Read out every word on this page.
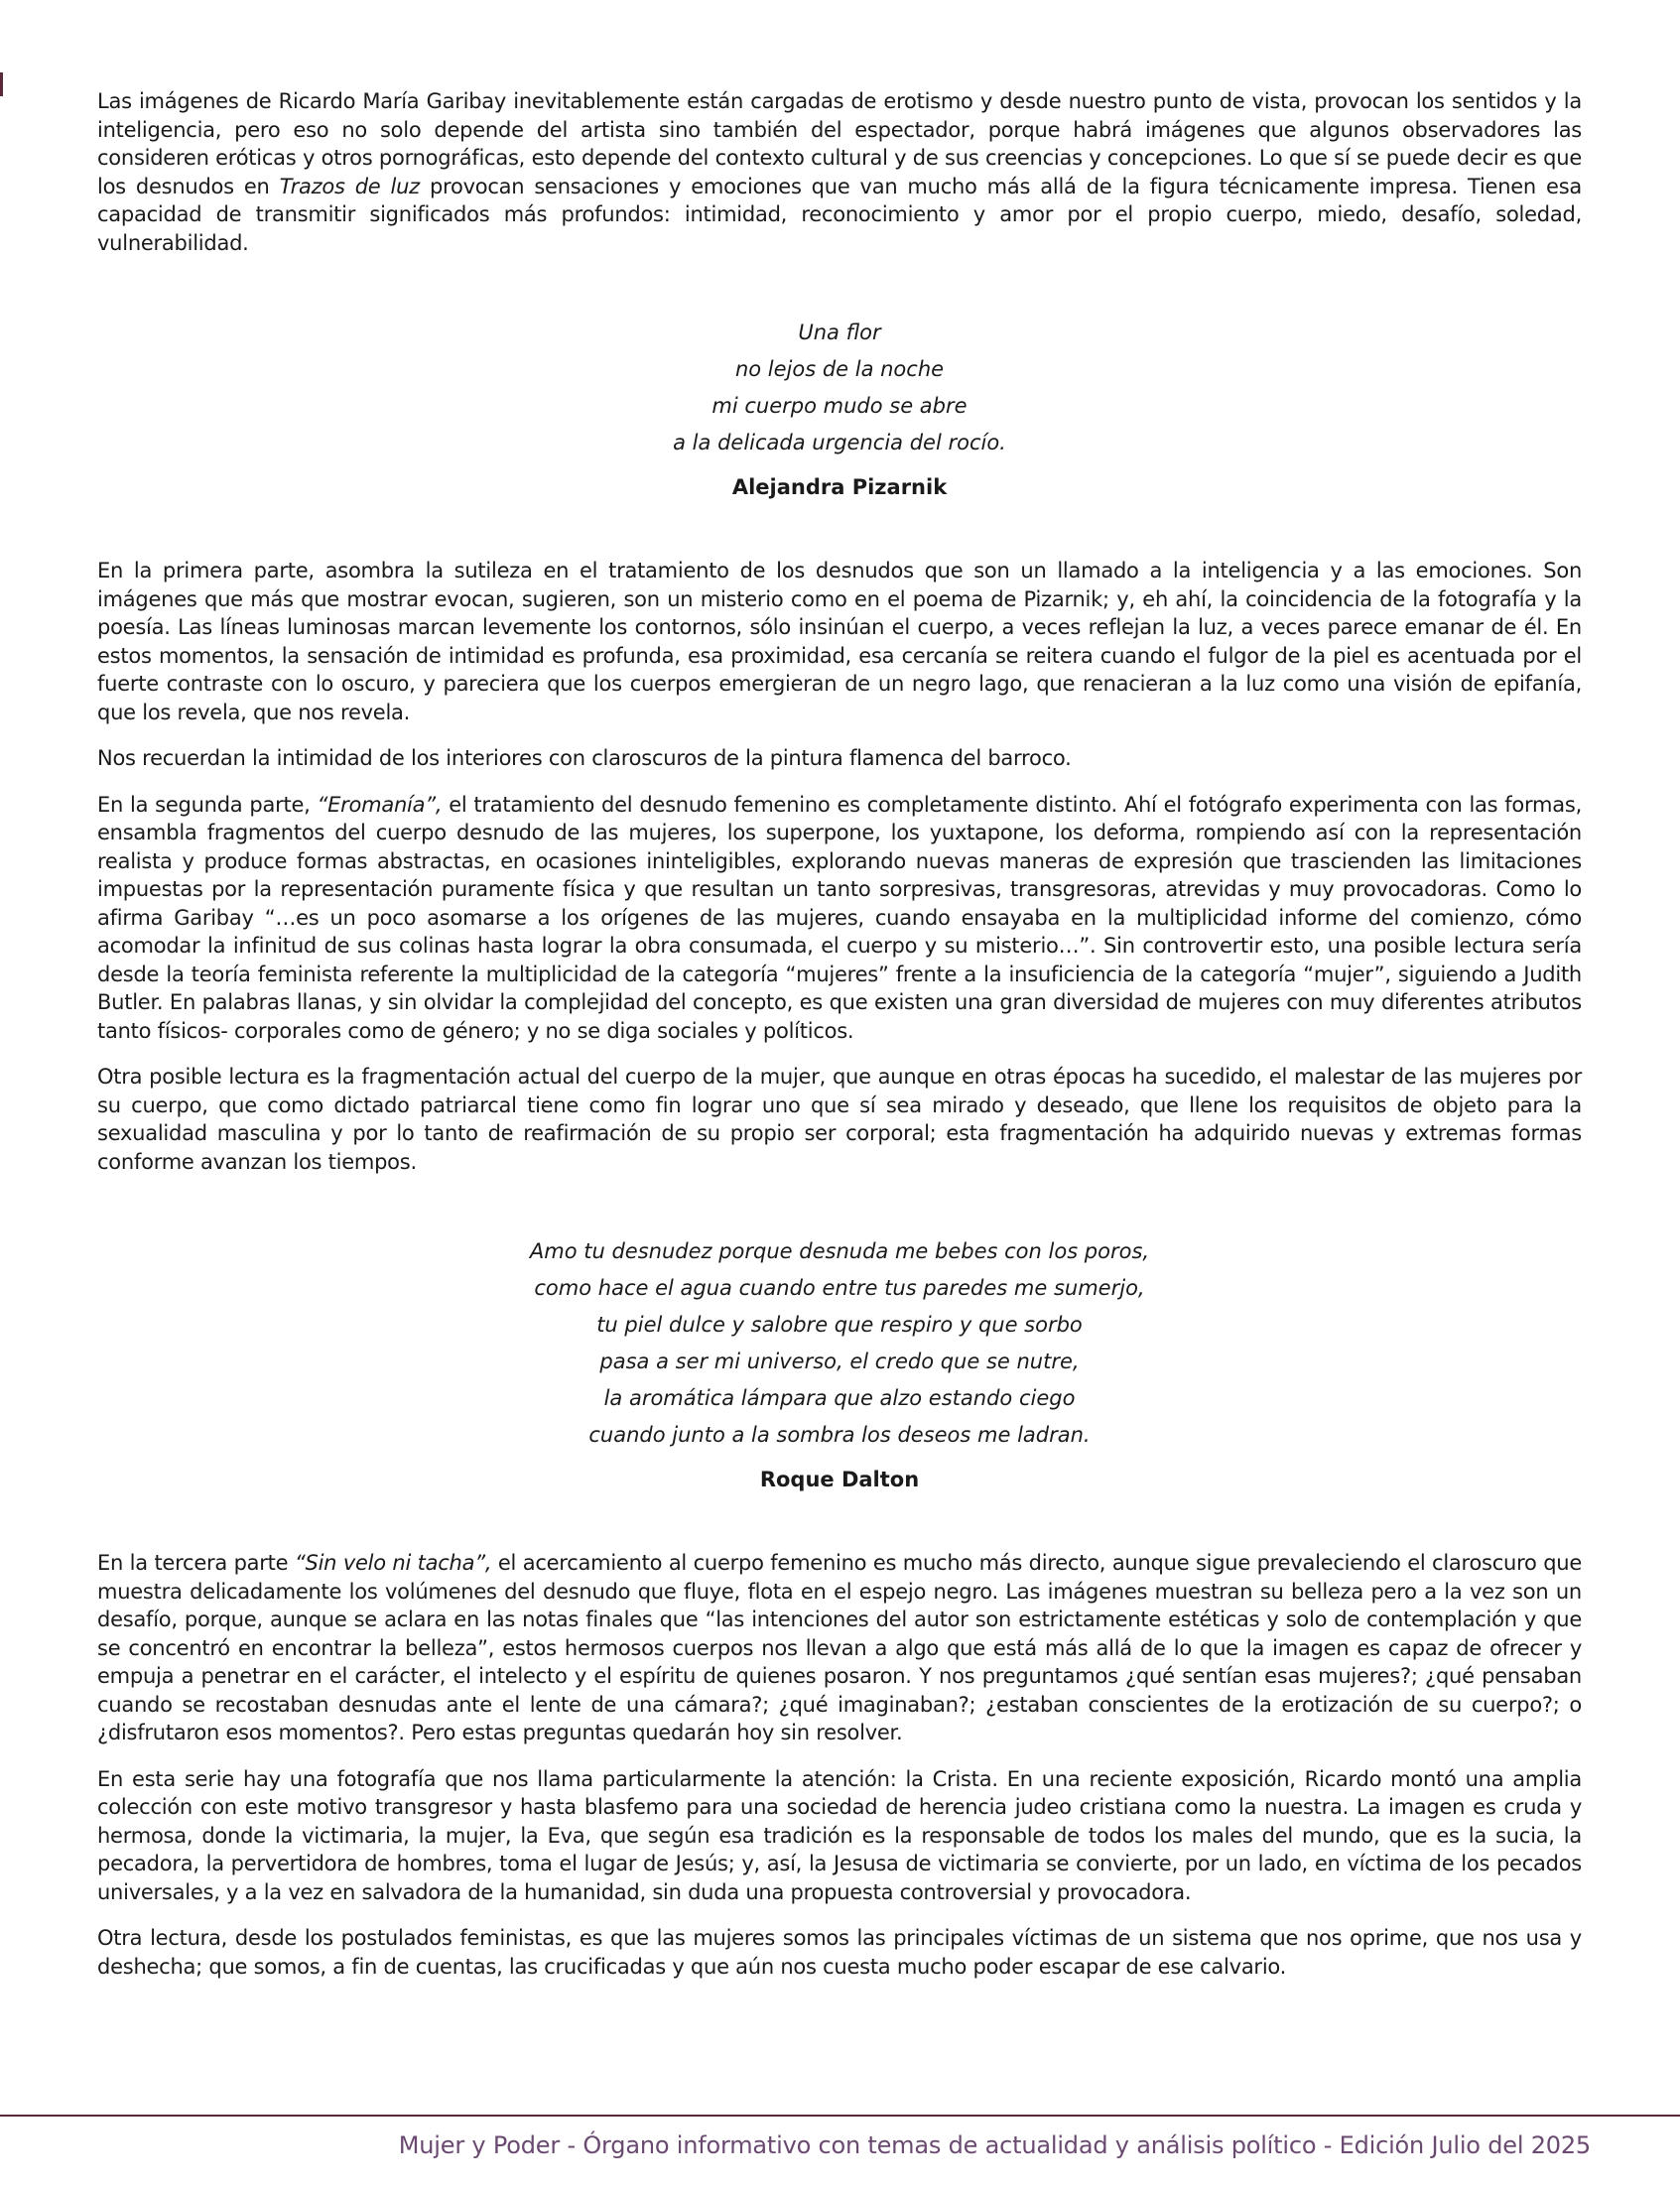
Las imágenes de Ricardo María Garibay inevitablemente están cargadas de erotismo y desde nuestro punto de vista, provocan los sentidos y la inteligencia, pero eso no solo depende del artista sino también del espectador, porque habrá imágenes que algunos observadores las consideren eróticas y otros pornográficas, esto depende del contexto cultural y de sus creencias y concepciones. Lo que sí se puede decir es que los desnudos en Trazos de luz provocan sensaciones y emociones que van mucho más allá de la figura técnicamente impresa. Tienen esa capacidad de transmitir significados más profundos: intimidad, reconocimiento y amor por el propio cuerpo, miedo, desafío, soledad, vulnerabilidad.

Una flor
no lejos de la noche
mi cuerpo mudo se abre
a la delicada urgencia del rocío.

Alejandra Pizarnik

En la primera parte, asombra la sutileza en el tratamiento de los desnudos que son un llamado a la inteligencia y a las emociones. Son imágenes que más que mostrar evocan, sugieren, son un misterio como en el poema de Pizarnik; y, eh ahí, la coincidencia de la fotografía y la poesía. Las líneas luminosas marcan levemente los contornos, sólo insinúan el cuerpo, a veces reflejan la luz, a veces parece emanar de él. En estos momentos, la sensación de intimidad es profunda, esa proximidad, esa cercanía se reitera cuando el fulgor de la piel es acentuada por el fuerte contraste con lo oscuro, y pareciera que los cuerpos emergieran de un negro lago, que renacieran a la luz como una visión de epifanía, que los revela, que nos revela.

Nos recuerdan la intimidad de los interiores con claroscuros de la pintura flamenca del barroco.

En la segunda parte, “Eromanía”, el tratamiento del desnudo femenino es completamente distinto. Ahí el fotógrafo experimenta con las formas, ensambla fragmentos del cuerpo desnudo de las mujeres, los superpone, los yuxtapone, los deforma, rompiendo así con la representación realista y produce formas abstractas, en ocasiones ininteligibles, explorando nuevas maneras de expresión que trascienden las limitaciones impuestas por la representación puramente física y que resultan un tanto sorpresivas, transgresoras, atrevidas y muy provocadoras. Como lo afirma Garibay “…es un poco asomarse a los orígenes de las mujeres, cuando ensayaba en la multiplicidad informe del comienzo, cómo acomodar la infinitud de sus colinas hasta lograr la obra consumada, el cuerpo y su misterio…”. Sin controvertir esto, una posible lectura sería desde la teoría feminista referente la multiplicidad de la categoría “mujeres” frente a la insuficiencia de la categoría “mujer”, siguiendo a Judith Butler. En palabras llanas, y sin olvidar la complejidad del concepto, es que existen una gran diversidad de mujeres con muy diferentes atributos tanto físicos- corporales como de género; y no se diga sociales y políticos.

Otra posible lectura es la fragmentación actual del cuerpo de la mujer, que aunque en otras épocas ha sucedido, el malestar de las mujeres por su cuerpo, que como dictado patriarcal tiene como fin lograr uno que sí sea mirado y deseado, que llene los requisitos de objeto para la sexualidad masculina y por lo tanto de reafirmación de su propio ser corporal; esta fragmentación ha adquirido nuevas y extremas formas conforme avanzan los tiempos.

Amo tu desnudez porque desnuda me bebes con los poros,
como hace el agua cuando entre tus paredes me sumerjo,
tu piel dulce y salobre que respiro y que sorbo
pasa a ser mi universo, el credo que se nutre,
la aromática lámpara que alzo estando ciego
cuando junto a la sombra los deseos me ladran.

Roque Dalton

En la tercera parte “Sin velo ni tacha”, el acercamiento al cuerpo femenino es mucho más directo, aunque sigue prevaleciendo el claroscuro que muestra delicadamente los volúmenes del desnudo que fluye, flota en el espejo negro. Las imágenes muestran su belleza pero a la vez son un desafío, porque, aunque se aclara en las notas finales que “las intenciones del autor son estrictamente estéticas y solo de contemplación y que se concentró en encontrar la belleza”, estos hermosos cuerpos nos llevan a algo que está más allá de lo que la imagen es capaz de ofrecer y empuja a penetrar en el carácter, el intelecto y el espíritu de quienes posaron. Y nos preguntamos ¿qué sentían esas mujeres?; ¿qué pensaban cuando se recostaban desnudas ante el lente de una cámara?; ¿qué imaginaban?; ¿estaban conscientes de la erotización de su cuerpo?; o ¿disfrutaron esos momentos?. Pero estas preguntas quedarán hoy sin resolver.

En esta serie hay una fotografía que nos llama particularmente la atención: la Crista. En una reciente exposición, Ricardo montó una amplia colección con este motivo transgresor y hasta blasfemo para una sociedad de herencia judeo cristiana como la nuestra. La imagen es cruda y hermosa, donde la victimaria, la mujer, la Eva, que según esa tradición es la responsable de todos los males del mundo, que es la sucia, la pecadora, la pervertidora de hombres, toma el lugar de Jesús; y, así, la Jesusa de victimaria se convierte, por un lado, en víctima de los pecados universales, y a la vez en salvadora de la humanidad, sin duda una propuesta controversial y provocadora.

Otra lectura, desde los postulados feministas, es que las mujeres somos las principales víctimas de un sistema que nos oprime, que nos usa y deshecha; que somos, a fin de cuentas, las crucificadas y que aún nos cuesta mucho poder escapar de ese calvario.

Mujer y Poder - Órgano informativo con temas de actualidad y análisis político - Edición Julio del 2025
